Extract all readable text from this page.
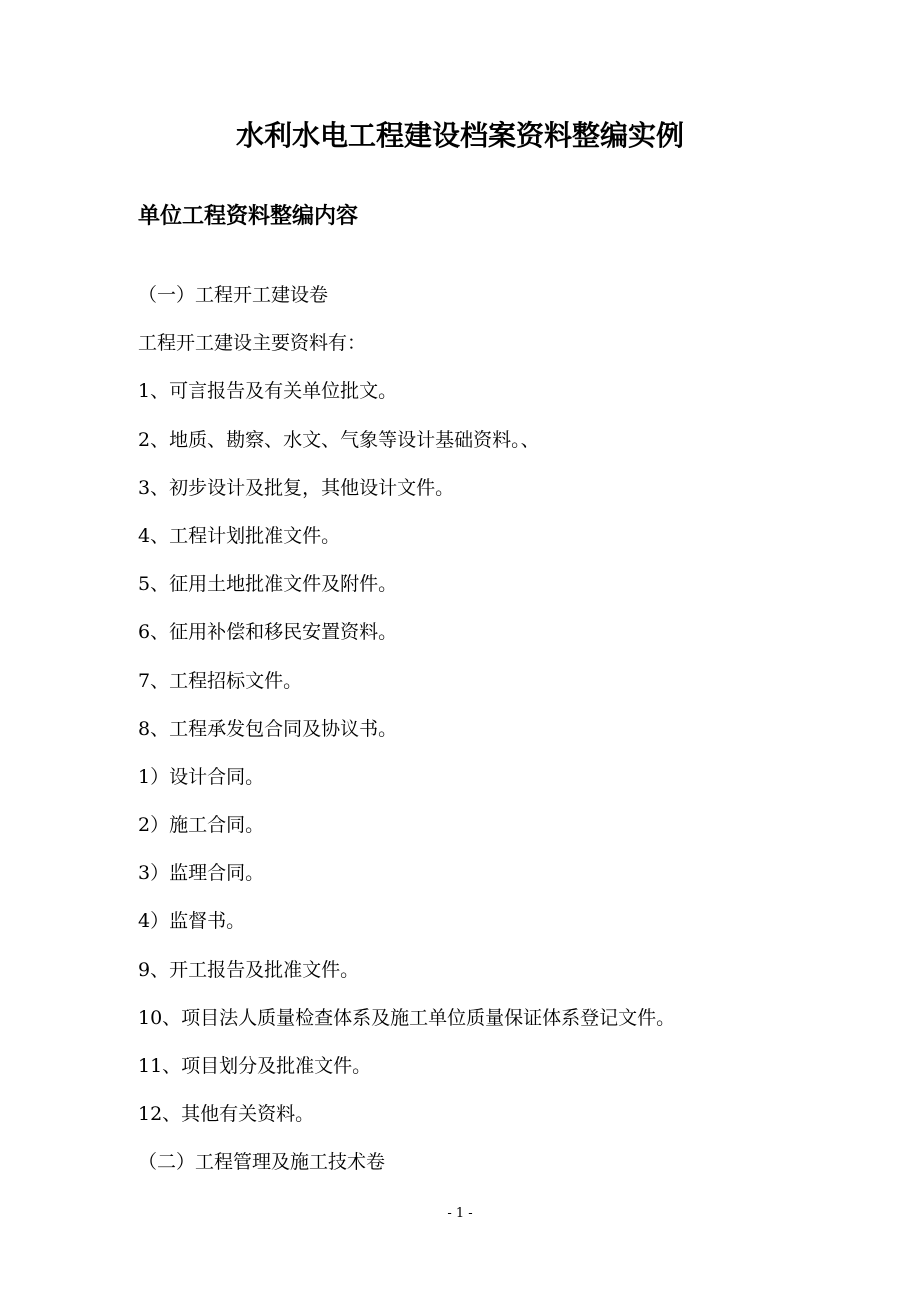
水利水电工程建设档案资料整编实例
单位工程资料整编内容
（一）工程开工建设卷
工程开工建设主要资料有：
1、可言报告及有关单位批文。
2、地质、勘察、水文、气象等设计基础资料。、
3、初步设计及批复，其他设计文件。
4、工程计划批准文件。
5、征用土地批准文件及附件。
6、征用补偿和移民安置资料。
7、工程招标文件。
8、工程承发包合同及协议书。
1）设计合同。
2）施工合同。
3）监理合同。
4）监督书。
9、开工报告及批准文件。
10、项目法人质量检查体系及施工单位质量保证体系登记文件。
11、项目划分及批准文件。
12、其他有关资料。
（二）工程管理及施工技术卷
- 1 -
